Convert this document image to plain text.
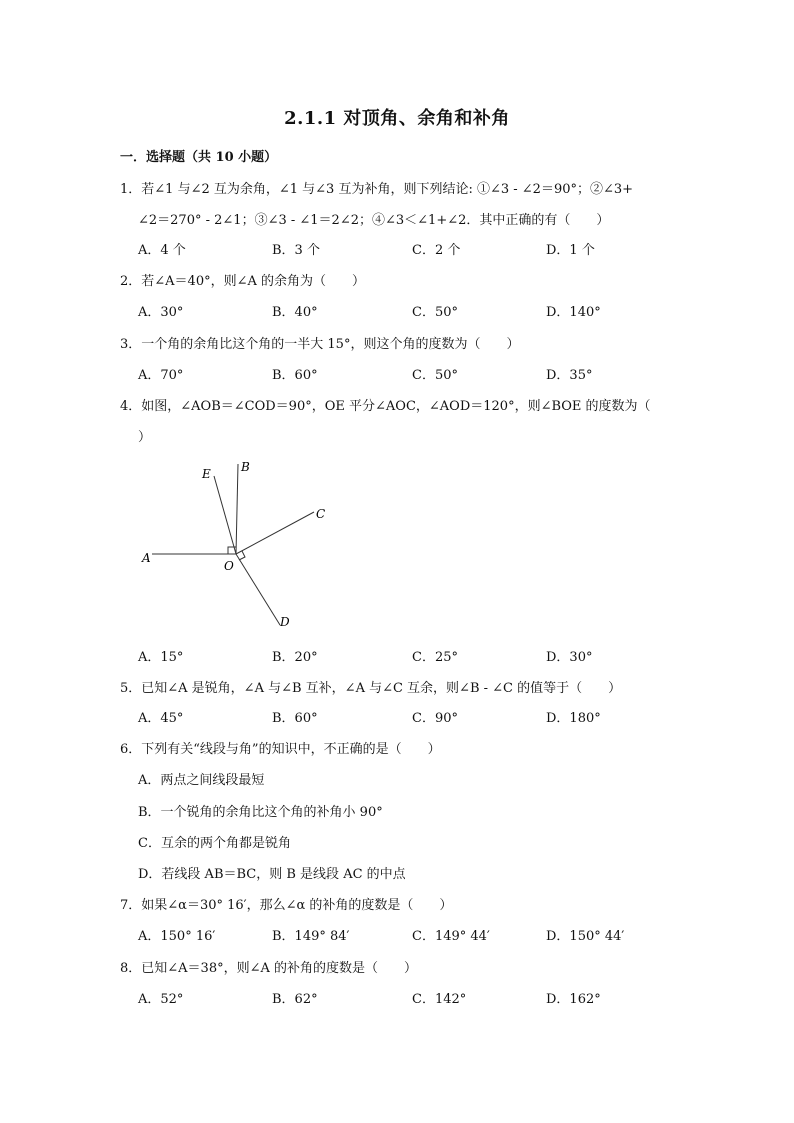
2.1.1 对顶角、余角和补角
一．选择题（共 10 小题）
1．若∠1 与∠2 互为余角，∠1 与∠3 互为补角，则下列结论: ①∠3 - ∠2＝90°；②∠3+
∠2＝270° - 2∠1；③∠3 - ∠1＝2∠2；④∠3＜∠1+∠2．其中正确的有（　　）
A．4 个	B．3 个	C．2 个	D．1 个
2．若∠A＝40°，则∠A 的余角为（　　）
A．30°	B．40°	C．50°	D．140°
3．一个角的余角比这个角的一半大 15°，则这个角的度数为（　　）
A．70°	B．60°	C．50°	D．35°
4．如图，∠AOB＝∠COD＝90°，OE 平分∠AOC，∠AOD＝120°，则∠BOE 的度数为（
）
A
B
C
D
E
O
A．15°	B．20°	C．25°	D．30°
5．已知∠A 是锐角，∠A 与∠B 互补，∠A 与∠C 互余，则∠B - ∠C 的值等于（　　）
A．45°	B．60°	C．90°	D．180°
6．下列有关“线段与角”的知识中，不正确的是（　　）
A．两点之间线段最短
B．一个锐角的余角比这个角的补角小 90°
C．互余的两个角都是锐角
D．若线段 AB＝BC，则 B 是线段 AC 的中点
7．如果∠α＝30° 16′，那么∠α 的补角的度数是（　　）
A．150° 16′	B．149° 84′	C．149° 44′	D．150° 44′
8．已知∠A＝38°，则∠A 的补角的度数是（　　）
A．52°	B．62°	C．142°	D．162°
